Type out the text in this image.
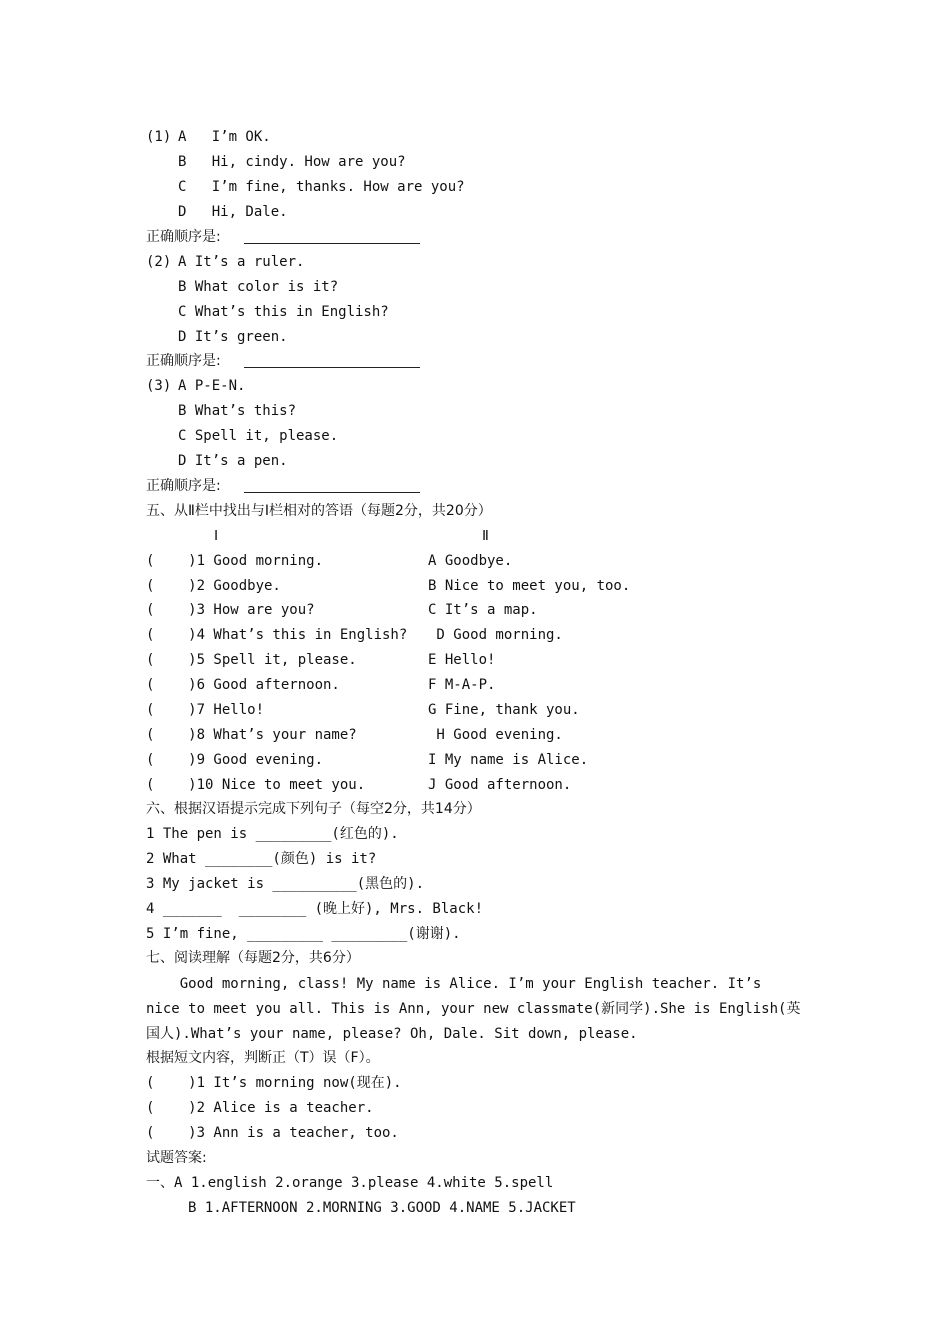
(1) A   I’m OK.
B   Hi, cindy. How are you?
C   I’m fine, thanks. How are you?
D   Hi, Dale.
正确顺序是:
(2) A It’s a ruler.
B What color is it?
C What’s this in English?
D It’s green.
正确顺序是:
(3) A P-E-N.
B What’s this?
C Spell it, please.
D It’s a pen.
正确顺序是:
五、从Ⅱ栏中找出与Ⅰ栏相对的答语（每题2分，共20分）
Ⅰ	Ⅱ
(    )1 Good morning.	A Goodbye.
(    )2 Goodbye.	B Nice to meet you, too.
(    )3 How are you?	C It’s a map.
(    )4 What’s this in English? D Good morning.
(    )5 Spell it, please.	E Hello!
(    )6 Good afternoon.	F M-A-P.
(    )7 Hello!	G Fine, thank you.
(    )8 What’s your name?	H Good evening.
(    )9 Good evening.	I My name is Alice.
(    )10 Nice to meet you.	J Good afternoon.
六、根据汉语提示完成下列句子（每空2分，共14分）
1 The pen is _________(红色的).
2 What ________(颜色) is it?
3 My jacket is __________(黑色的).
4 _______  ________ (晚上好), Mrs. Black!
5 I’m fine, _________ _________(谢谢).
七、阅读理解（每题2分，共6分）
Good morning, class! My name is Alice. I’m your English teacher. It’s
nice to meet you all. This is Ann, your new classmate(新同学).She is English(英
国人).What’s your name, please? Oh, Dale. Sit down, please.
根据短文内容，判断正（T）误（F）。
(    )1 It’s morning now(现在).
(    )2 Alice is a teacher.
(    )3 Ann is a teacher, too.
试题答案:
一、A 1.english 2.orange 3.please 4.white 5.spell
B 1.AFTERNOON 2.MORNING 3.GOOD 4.NAME 5.JACKET
